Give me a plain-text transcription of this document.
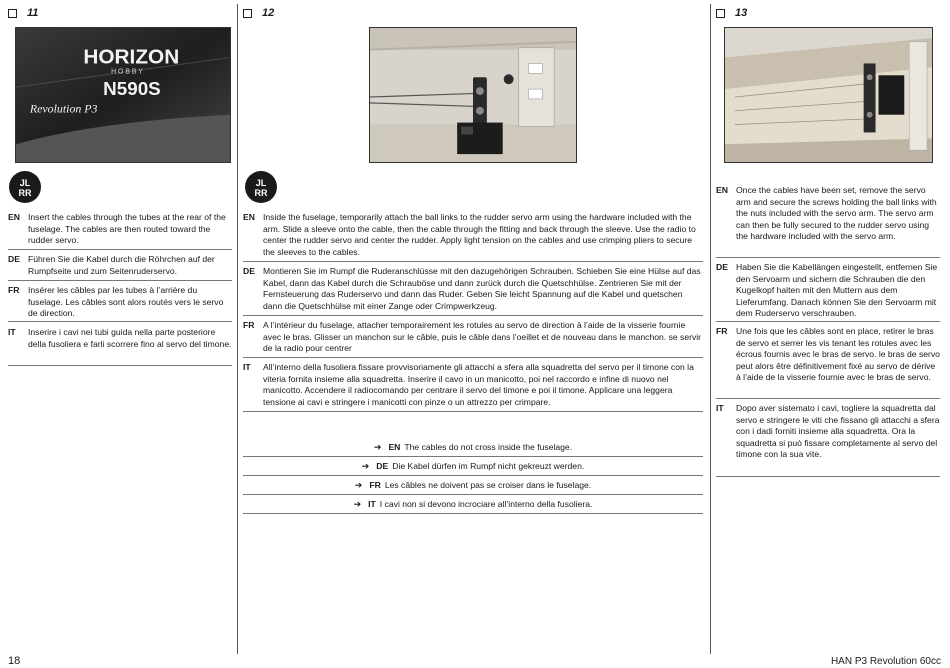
11
HORIZON
H O B B Y
N590S
Revolution P3
JL
RR
EN Insert the cables through the tubes at the rear of the fuselage. The cables are then routed toward the rudder servo.
DE Führen Sie die Kabel durch die Röhrchen auf der Rumpfseite und zum Seitenruderservo.
FR Insérer les câbles par les tubes à l’arrière du fuselage. Les câbles sont alors routés vers le servo de direction.
IT	Inserire i cavi nei tubi guida nella parte posteriore della fusoliera e farli scorrere fino al servo del timone.
12
JL
RR
EN Inside the fuselage, temporarily attach the ball links to the rudder servo arm using the hardware included with the arm. Slide a sleeve onto the cable, then the cable through the fitting and back through the sleeve. Use the radio to center the rudder servo and center the rudder. Apply light tension on the cables and use crimping pliers to secure the sleeves to the cables.
DE Montieren Sie im Rumpf die Ruderanschlüsse mit den dazugehörigen Schrauben. Schieben Sie eine Hülse auf das Kabel, dann das Kabel durch die Schrauböse und dann zurück durch die Quetschhülse. Zentrieren Sie mit der Fernsteuerung das Ruderservo und dann das Ruder. Geben Sie leicht Spannung auf die Kabel und quetschen dann die Quetschhülse mit einer Zange oder Crimpwerkzeug.
FR A l’intérieur du fuselage, attacher temporairement les rotules au servo de direction à l’aide de la visserie fournie avec le bras. Glisser un manchon sur le câble, puis le câble dans l’oeillet et de nouveau dans le manchon. se servir de la radio pour centrer
IT	All’interno della fusoliera fissare provvisoriamente gli attacchi a sfera alla squadretta del servo per il timone con la viteria fornita insieme alla squadretta. Inserire il cavo in un manicotto, poi nel raccordo e infine di nuovo nel manicotto. Accendere il radiocomando per centrare il servo del timone e poi il timone. Applicare una leggera tensione ai cavi e stringere i manicotti con pinze o un attrezzo per crimpare.
➔ EN The cables do not cross inside the fuselage.
➔ DE Die Kabel dürfen im Rumpf nicht gekreuzt werden.
➔ FR Les câbles ne doivent pas se croiser dans le fuselage.
➔ IT I cavi non si devono incrociare all’interno della fusoliera.
13
EN Once the cables have been set, remove the servo arm and secure the screws holding the ball links with the nuts included with the servo arm. The servo arm can then be fully secured to the rudder servo using the hardware included with the servo arm.
DE Haben Sie die Kabellängen eingestellt, entfernen Sie den Servoarm und sichern die Schrauben die den Kugelkopf halten mit den Muttern aus dem Lieferumfang. Danach können Sie den Servoarm mit dem Ruderservo verschrauben.
FR Une fois que les câbles sont en place, retirer le bras de servo et serrer les vis tenant les rotules avec les écrous fournis avec le bras de servo. le bras de servo peut alors être définitivement fixé au servo de dérive à l’aide de la visserie fournie avec le bras de servo.
IT	Dopo aver sistemato i cavi, togliere la squadretta dal servo e stringere le viti che fissano gli attacchi a sfera con i dadi forniti insieme alla squadretta. Ora la squadretta si può fissare completamente al servo del timone con la sua vite.
18	HAN P3 Revolution 60cc
